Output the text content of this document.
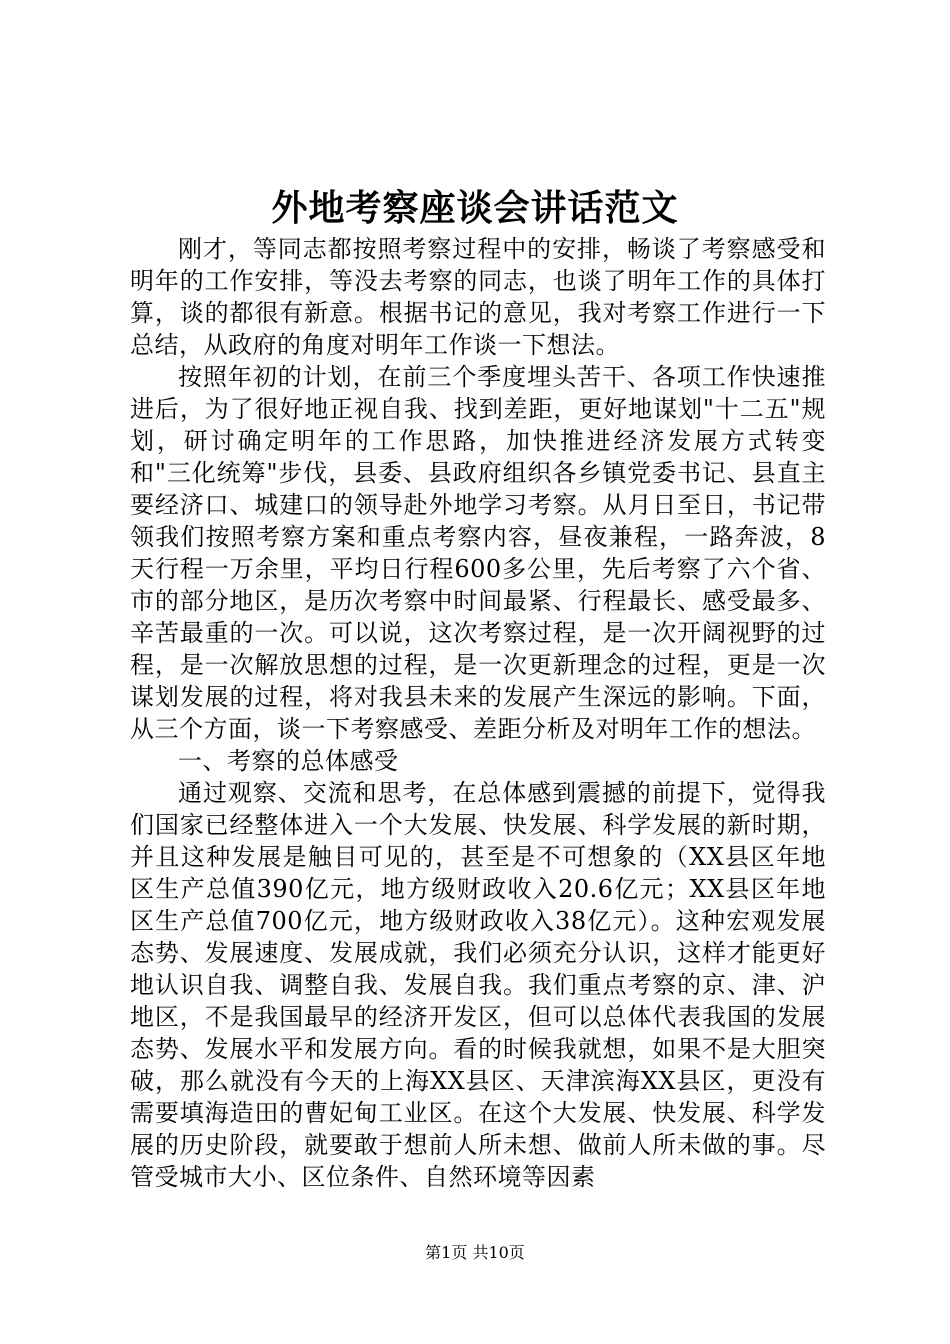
外地考察座谈会讲话范文

刚才，等同志都按照考察过程中的安排，畅谈了考察感受和明年的工作安排，等没去考察的同志，也谈了明年工作的具体打算，谈的都很有新意。根据书记的意见，我对考察工作进行一下总结，从政府的角度对明年工作谈一下想法。

按照年初的计划，在前三个季度埋头苦干、各项工作快速推进后，为了很好地正视自我、找到差距，更好地谋划"十二五"规划，研讨确定明年的工作思路，加快推进经济发展方式转变和"三化统筹"步伐，县委、县政府组织各乡镇党委书记、县直主要经济口、城建口的领导赴外地学习考察。从月日至日，书记带领我们按照考察方案和重点考察内容，昼夜兼程，一路奔波，8天行程一万余里，平均日行程600多公里，先后考察了六个省、市的部分地区，是历次考察中时间最紧、行程最长、感受最多、辛苦最重的一次。可以说，这次考察过程，是一次开阔视野的过程，是一次解放思想的过程，是一次更新理念的过程，更是一次谋划发展的过程，将对我县未来的发展产生深远的影响。下面，从三个方面，谈一下考察感受、差距分析及对明年工作的想法。

一、考察的总体感受

通过观察、交流和思考，在总体感到震撼的前提下，觉得我们国家已经整体进入一个大发展、快发展、科学发展的新时期，并且这种发展是触目可见的，甚至是不可想象的（XX县区年地区生产总值390亿元，地方级财政收入20.6亿元；XX县区年地区生产总值700亿元，地方级财政收入38亿元）。这种宏观发展态势、发展速度、发展成就，我们必须充分认识，这样才能更好地认识自我、调整自我、发展自我。我们重点考察的京、津、沪地区，不是我国最早的经济开发区，但可以总体代表我国的发展态势、发展水平和发展方向。看的时候我就想，如果不是大胆突破，那么就没有今天的上海XX县区、天津滨海XX县区，更没有需要填海造田的曹妃甸工业区。在这个大发展、快发展、科学发展的历史阶段，就要敢于想前人所未想、做前人所未做的事。尽管受城市大小、区位条件、自然环境等因素

第1页 共10页
